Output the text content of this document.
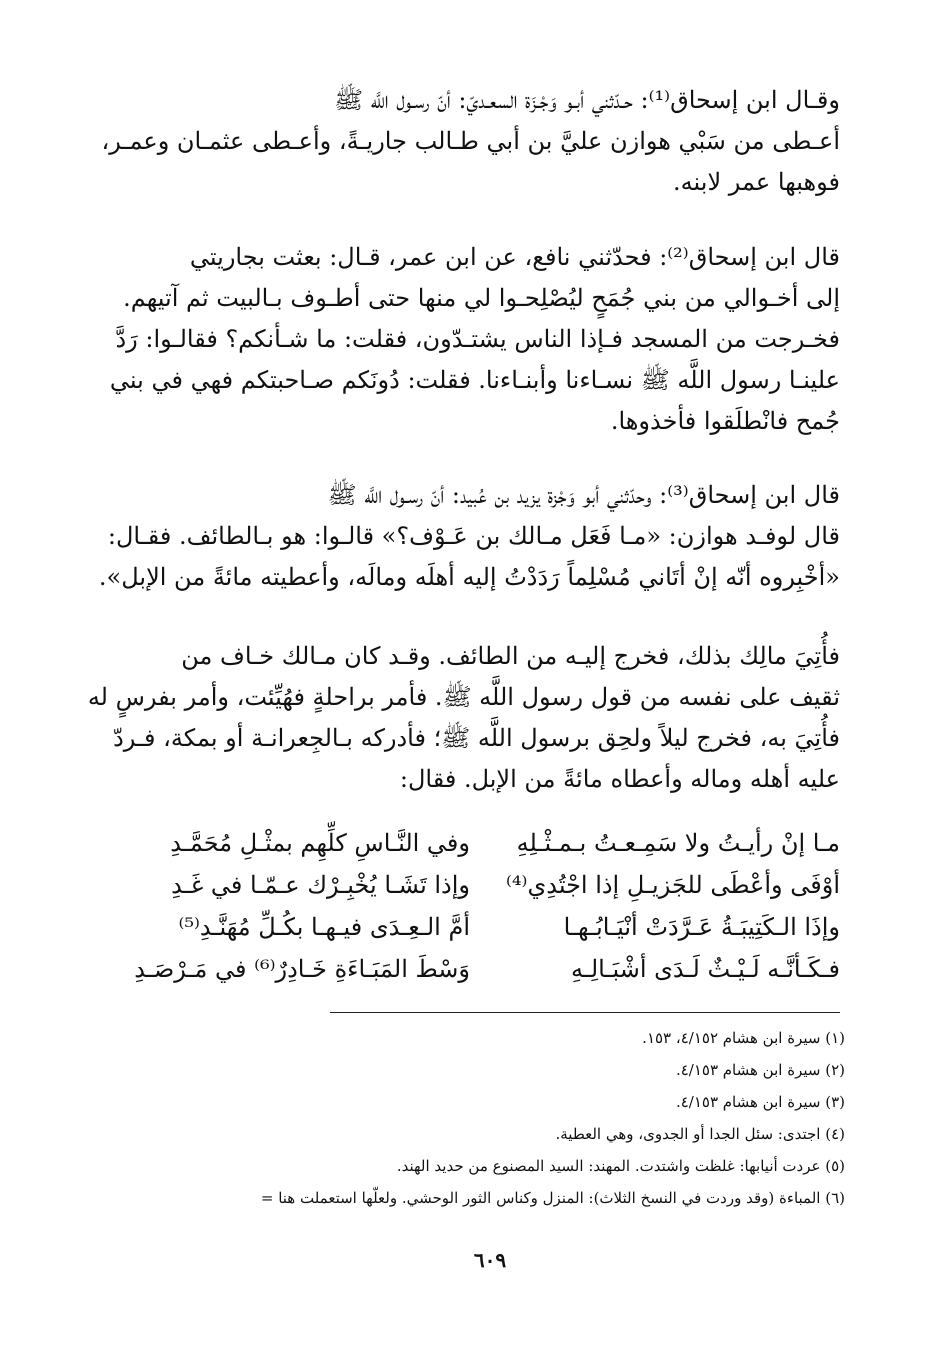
وقـال ابن إسحاق⁽¹⁾: حـدّثني أبـو وَجْـزَة السعـديّ: أنّ رسـول اللَّه ﷺ
أعـطى من سَبْي هوازن عليَّ بن أبي طـالب جاريـةً، وأعـطى عثمـان وعمـر،
فوهبها عمر لابنه.
قال ابن إسحاق⁽²⁾: فحدّثني نافع، عن ابن عمر، قـال: بعثت بجاريتي
إلى أخـوالي من بني جُمَحٍ ليُصْلِحـوا لي منها حتى أطـوف بـالبيت ثم آتيهم.
فخـرجت من المسجد فـإذا الناس يشتـدّون، فقلت: ما شـأنكم؟ فقالـوا: رَدَّ
علينـا رسول اللَّه ﷺ نسـاءنا وأبنـاءنا. فقلت: دُونَكم صـاحبتكم فهي في بني
جُمح فانْطلَقوا فأخذوها.
قال ابن إسحاق⁽³⁾: وحدّثني أبو وَجْزة يزيد بن عُبيد: أنّ رسـول اللَّه ﷺ
قال لوفـد هوازن: «مـا فَعَل مـالك بن عَـوْف؟» قالـوا: هو بـالطائف. فقـال:
«أخْبِروه أنّه إنْ أتَاني مُسْلِماً رَدَدْتُ إليه أهلَه ومالَه، وأعطيته مائةً من الإبل».
فأُتِيَ مالِك بذلك، فخرج إليـه من الطائف. وقـد كان مـالك خـاف من
ثقيف على نفسه من قول رسول اللَّه ﷺ. فأمر براحلةٍ فهُيِّئت، وأمر بفرسٍ له
فأُتِيَ به، فخرج ليلاً ولحِق برسول اللَّه ﷺ؛ فأدركه بـالجِعرانـة أو بمكة، فـردّ
عليه أهله وماله وأعطاه مائةً من الإبل. فقال:
مـا إنْ رأيـتُ ولا سَمِـعـتُ بـمـثْـلِهِ
وفي النَّـاسِ كلِّهِم بمثْـلِ مُحَمَّـدِ
أوْفَى وأعْطَى للجَزيـلِ إذا اجْتُدِي⁽⁴⁾
وإذا تَشَـا يُخْبِـرْك عـمّـا في غَـدِ
وإذَا الـكَتِيبَـةُ عَـرَّدَتْ أنْيَـابُـهـا
أمَّ الـعِـدَى فيـهـا بكُـلِّ مُهَنَّـدِ⁽⁵⁾
فـكَـأنَّـه لَـيْـثٌ لَـدَى أشْبَـالِـهِ
وَسْطَ المَبَـاءَةِ خَـادِرٌ⁽⁶⁾ في مَـرْصَـدِ
(١) سيرة ابن هشام ٤/١٥٢، ١٥٣.
(٢) سيرة ابن هشام ٤/١٥٣.
(٣) سيرة ابن هشام ٤/١٥٣.
(٤) اجتدى: سئل الجدا أو الجدوى، وهي العطية.
(٥) عردت أنيابها: غلظت واشتدت. المهند: السيد المصنوع من حديد الهند.
(٦) المباءة (وقد وردت في النسخ الثلاث): المنزل وكناس الثور الوحشي. ولعلّها استعملت هنا =
٦٠٩
